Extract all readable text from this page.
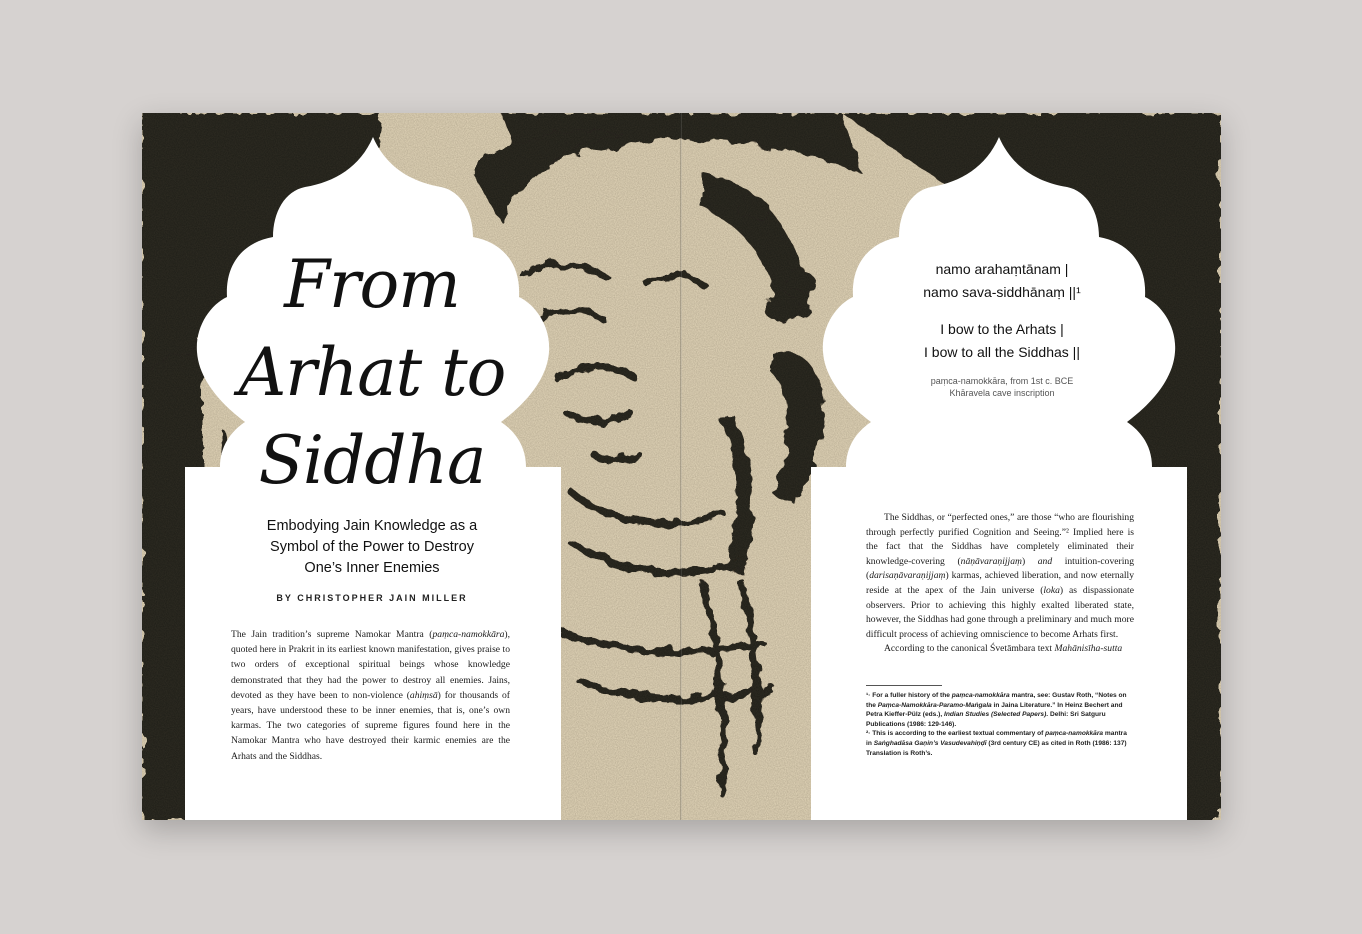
From
Arhat to
Siddha
Embodying Jain Knowledge as a
Symbol of the Power to Destroy
One’s Inner Enemies
BY CHRISTOPHER JAIN MILLER

The Jain tradition’s supreme Namokar Mantra (paṃca-namokkāra), quoted here in Prakrit in its earliest known manifestation, gives praise to two orders of exceptional spiritual beings whose knowledge demonstrated that they had the power to destroy all enemies. Jains, devoted as they have been to non-violence (ahiṃsā) for thousands of years, have understood these to be inner enemies, that is, one’s own karmas. The two categories of supreme figures found here in the Namokar Mantra who have destroyed their karmic enemies are the Arhats and the Siddhas.

namo arahaṃtānam |
namo sava-siddhānaṃ ||¹
I bow to the Arhats |
I bow to all the Siddhas ||
paṃca-namokkāra, from 1st c. BCE
Khāravela cave inscription

The Siddhas, or “perfected ones,” are those “who are flourishing through perfectly purified Cognition and Seeing.”² Implied here is the fact that the Siddhas have completely eliminated their knowledge-covering (nāṇāvaraṇijjaṃ) and intuition-covering (darisaṇāvaraṇijjaṃ) karmas, achieved liberation, and now eternally reside at the apex of the Jain universe (loka) as dispassionate observers. Prior to achieving this highly exalted liberated state, however, the Siddhas had gone through a preliminary and much more difficult process of achieving omniscience to become Arhats first.

According to the canonical Śvetāmbara text Mahānisīha-sutta

¹· For a fuller history of the paṃca-namokkāra mantra, see: Gustav Roth, “Notes on the Paṃca-Namokkāra-Paramo-Maṅgala in Jaina Literature.” In Heinz Bechert and Petra Kieffer-Pülz (eds.), Indian Studies (Selected Papers). Delhi: Sri Satguru Publications (1986: 129-146).

²· This is according to the earliest textual commentary of paṃca-namokkāra mantra in Saṅghadāsa Gaṇin’s Vasudevahiṇḍī (3rd century CE) as cited in Roth (1986: 137) Translation is Roth’s.
